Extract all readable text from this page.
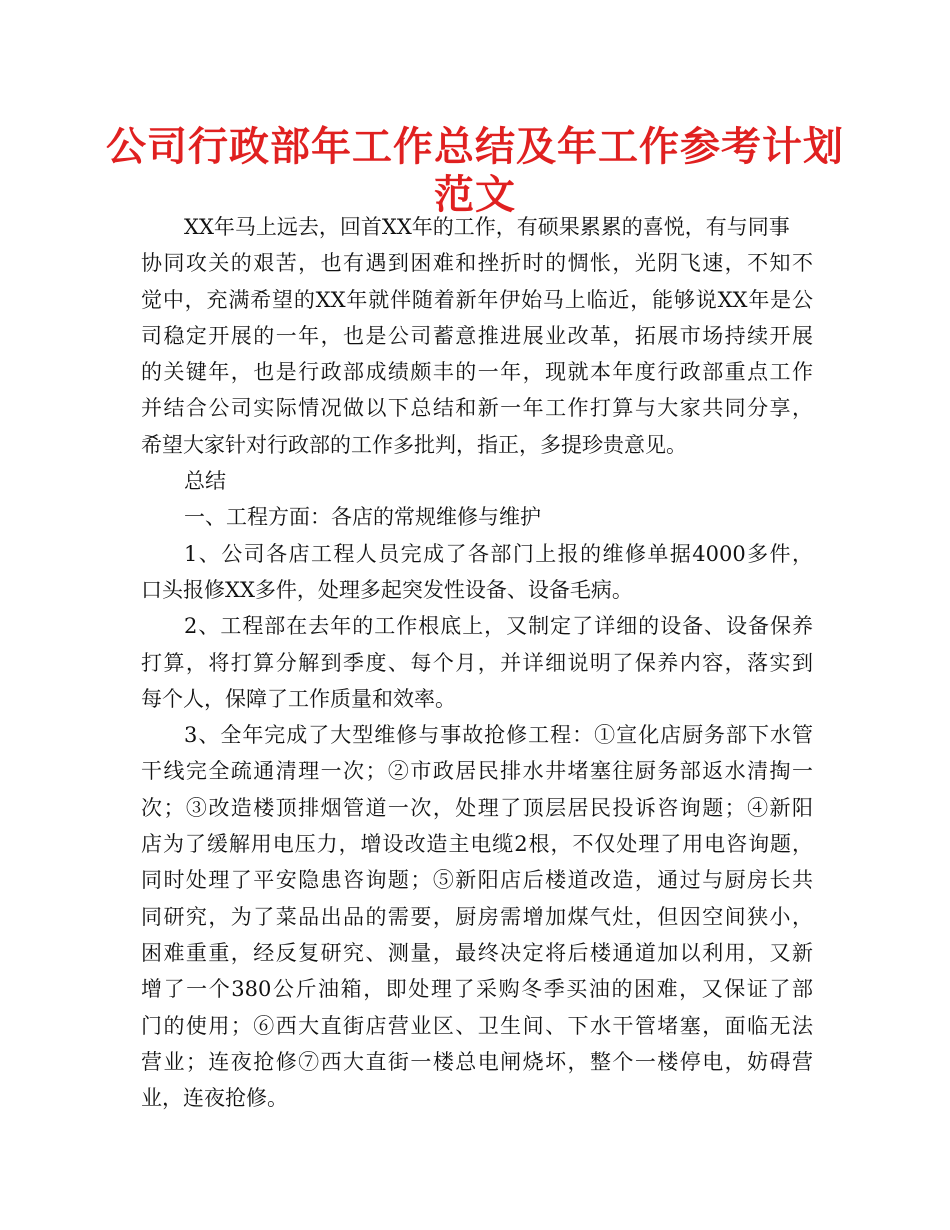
公司行政部年工作总结及年工作参考计划
范文
XX年马上远去，回首XX年的工作，有硕果累累的喜悦，有与同事
协同攻关的艰苦，也有遇到困难和挫折时的惆怅，光阴飞速，不知不
觉中，充满希望的XX年就伴随着新年伊始马上临近，能够说XX年是公
司稳定开展的一年，也是公司蓄意推进展业改革，拓展市场持续开展
的关键年，也是行政部成绩颇丰的一年，现就本年度行政部重点工作
并结合公司实际情况做以下总结和新一年工作打算与大家共同分享，
希望大家针对行政部的工作多批判，指正，多提珍贵意见。
总结
一、工程方面：各店的常规维修与维护
1、公司各店工程人员完成了各部门上报的维修单据4000多件，
口头报修XX多件，处理多起突发性设备、设备毛病。
2、工程部在去年的工作根底上，又制定了详细的设备、设备保养
打算，将打算分解到季度、每个月，并详细说明了保养内容，落实到
每个人，保障了工作质量和效率。
3、全年完成了大型维修与事故抢修工程：①宣化店厨务部下水管
干线完全疏通清理一次；②市政居民排水井堵塞往厨务部返水清掏一
次；③改造楼顶排烟管道一次，处理了顶层居民投诉咨询题；④新阳
店为了缓解用电压力，增设改造主电缆2根，不仅处理了用电咨询题，
同时处理了平安隐患咨询题；⑤新阳店后楼道改造，通过与厨房长共
同研究，为了菜品出品的需要，厨房需增加煤气灶，但因空间狭小，
困难重重，经反复研究、测量，最终决定将后楼通道加以利用，又新
增了一个380公斤油箱，即处理了采购冬季买油的困难，又保证了部
门的使用；⑥西大直街店营业区、卫生间、下水干管堵塞，面临无法
营业；连夜抢修⑦西大直街一楼总电闸烧坏，整个一楼停电，妨碍营
业，连夜抢修。
